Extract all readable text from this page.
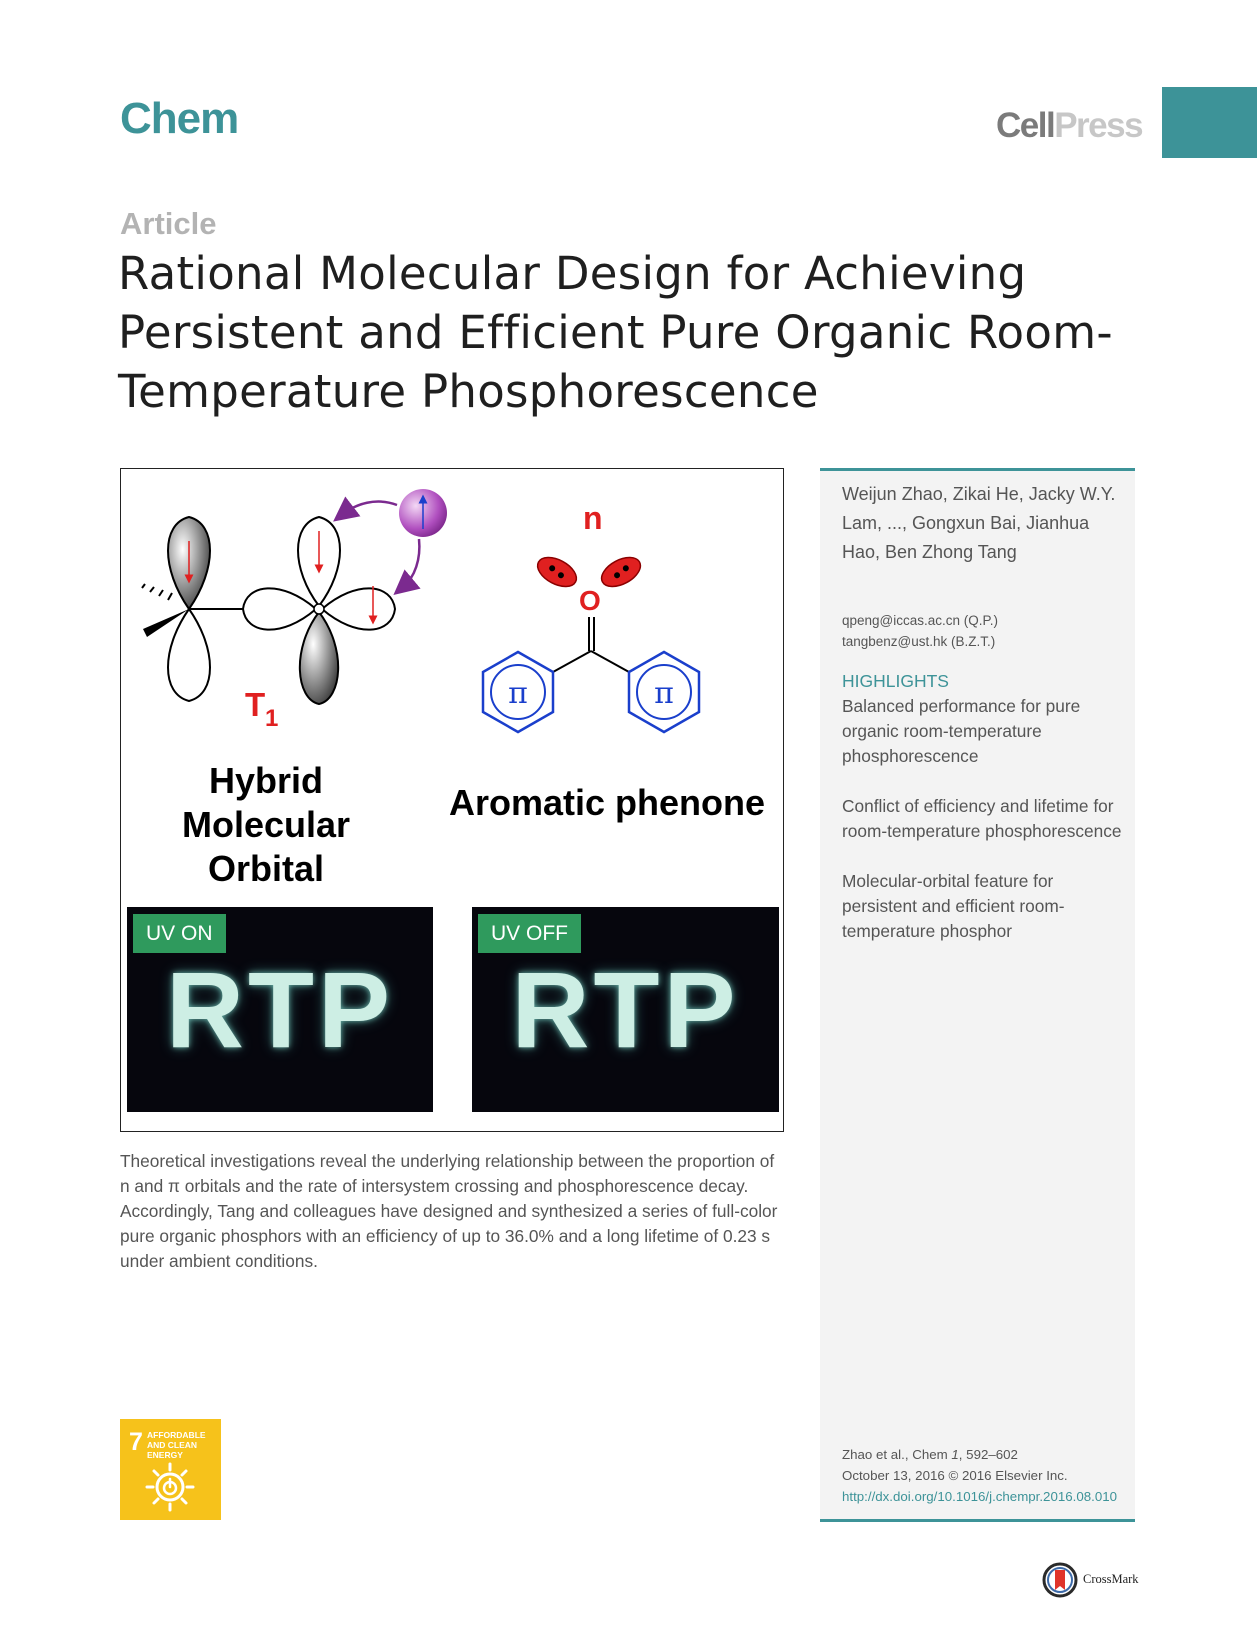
Chem	CellPress
Article
Rational Molecular Design for Achieving Persistent and Efficient Pure Organic Room-Temperature Phosphorescence
T 1
n
O
π	π
Hybrid
Molecular Orbital
Aromatic phenone
UV ON
RTP
UV OFF
RTP

Theoretical investigations reveal the underlying relationship between the proportion of n and π orbitals and the rate of intersystem crossing and phosphorescence decay. Accordingly, Tang and colleagues have designed and synthesized a series of full-color pure organic phosphors with an efficiency of up to 36.0% and a long lifetime of 0.23 s under ambient conditions.

Weijun Zhao, Zikai He, Jacky W.Y. Lam, ..., Gongxun Bai, Jianhua Hao, Ben Zhong Tang
qpeng@iccas.ac.cn (Q.P.)
tangbenz@ust.hk (B.Z.T.)
HIGHLIGHTS
Balanced performance for pure organic room-temperature phosphorescence
Conflict of efficiency and lifetime for room-temperature phosphorescence
Molecular-orbital feature for persistent and efficient room-temperature phosphor
Zhao et al., Chem 1, 592–602
October 13, 2016 © 2016 Elsevier Inc.
http://dx.doi.org/10.1016/j.chempr.2016.08.010
7 AFFORDABLE AND CLEAN ENERGY
CrossMark
